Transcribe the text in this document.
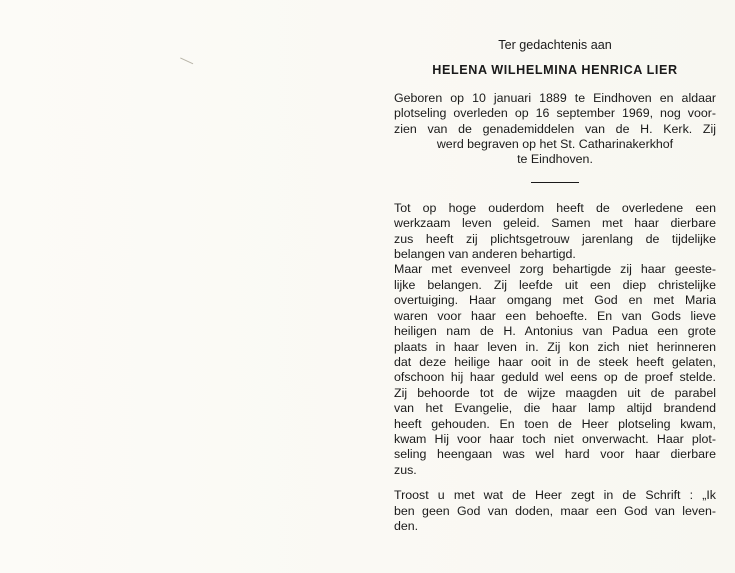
Ter gedachtenis aan

HELENA WILHELMINA HENRICA LIER

Geboren op 10 januari 1889 te Eindhoven en aldaar
plotseling overleden op 16 september 1969, nog voor-
zien van de genademiddelen van de H. Kerk. Zij
werd begraven op het St. Catharinakerkhof
te Eindhoven.

Tot op hoge ouderdom heeft de overledene een
werkzaam leven geleid. Samen met haar dierbare
zus heeft zij plichtsgetrouw jarenlang de tijdelijke
belangen van anderen behartigd.

Maar met evenveel zorg behartigde zij haar geeste-
lijke belangen. Zij leefde uit een diep christelijke
overtuiging. Haar omgang met God en met Maria
waren voor haar een behoefte. En van Gods lieve
heiligen nam de H. Antonius van Padua een grote
plaats in haar leven in. Zij kon zich niet herinneren
dat deze heilige haar ooit in de steek heeft gelaten,
ofschoon hij haar geduld wel eens op de proef stelde.
Zij behoorde tot de wijze maagden uit de parabel
van het Evangelie, die haar lamp altijd brandend
heeft gehouden. En toen de Heer plotseling kwam,
kwam Hij voor haar toch niet onverwacht. Haar plot-
seling heengaan was wel hard voor haar dierbare
zus.

Troost u met wat de Heer zegt in de Schrift : „Ik
ben geen God van doden, maar een God van leven-
den.
